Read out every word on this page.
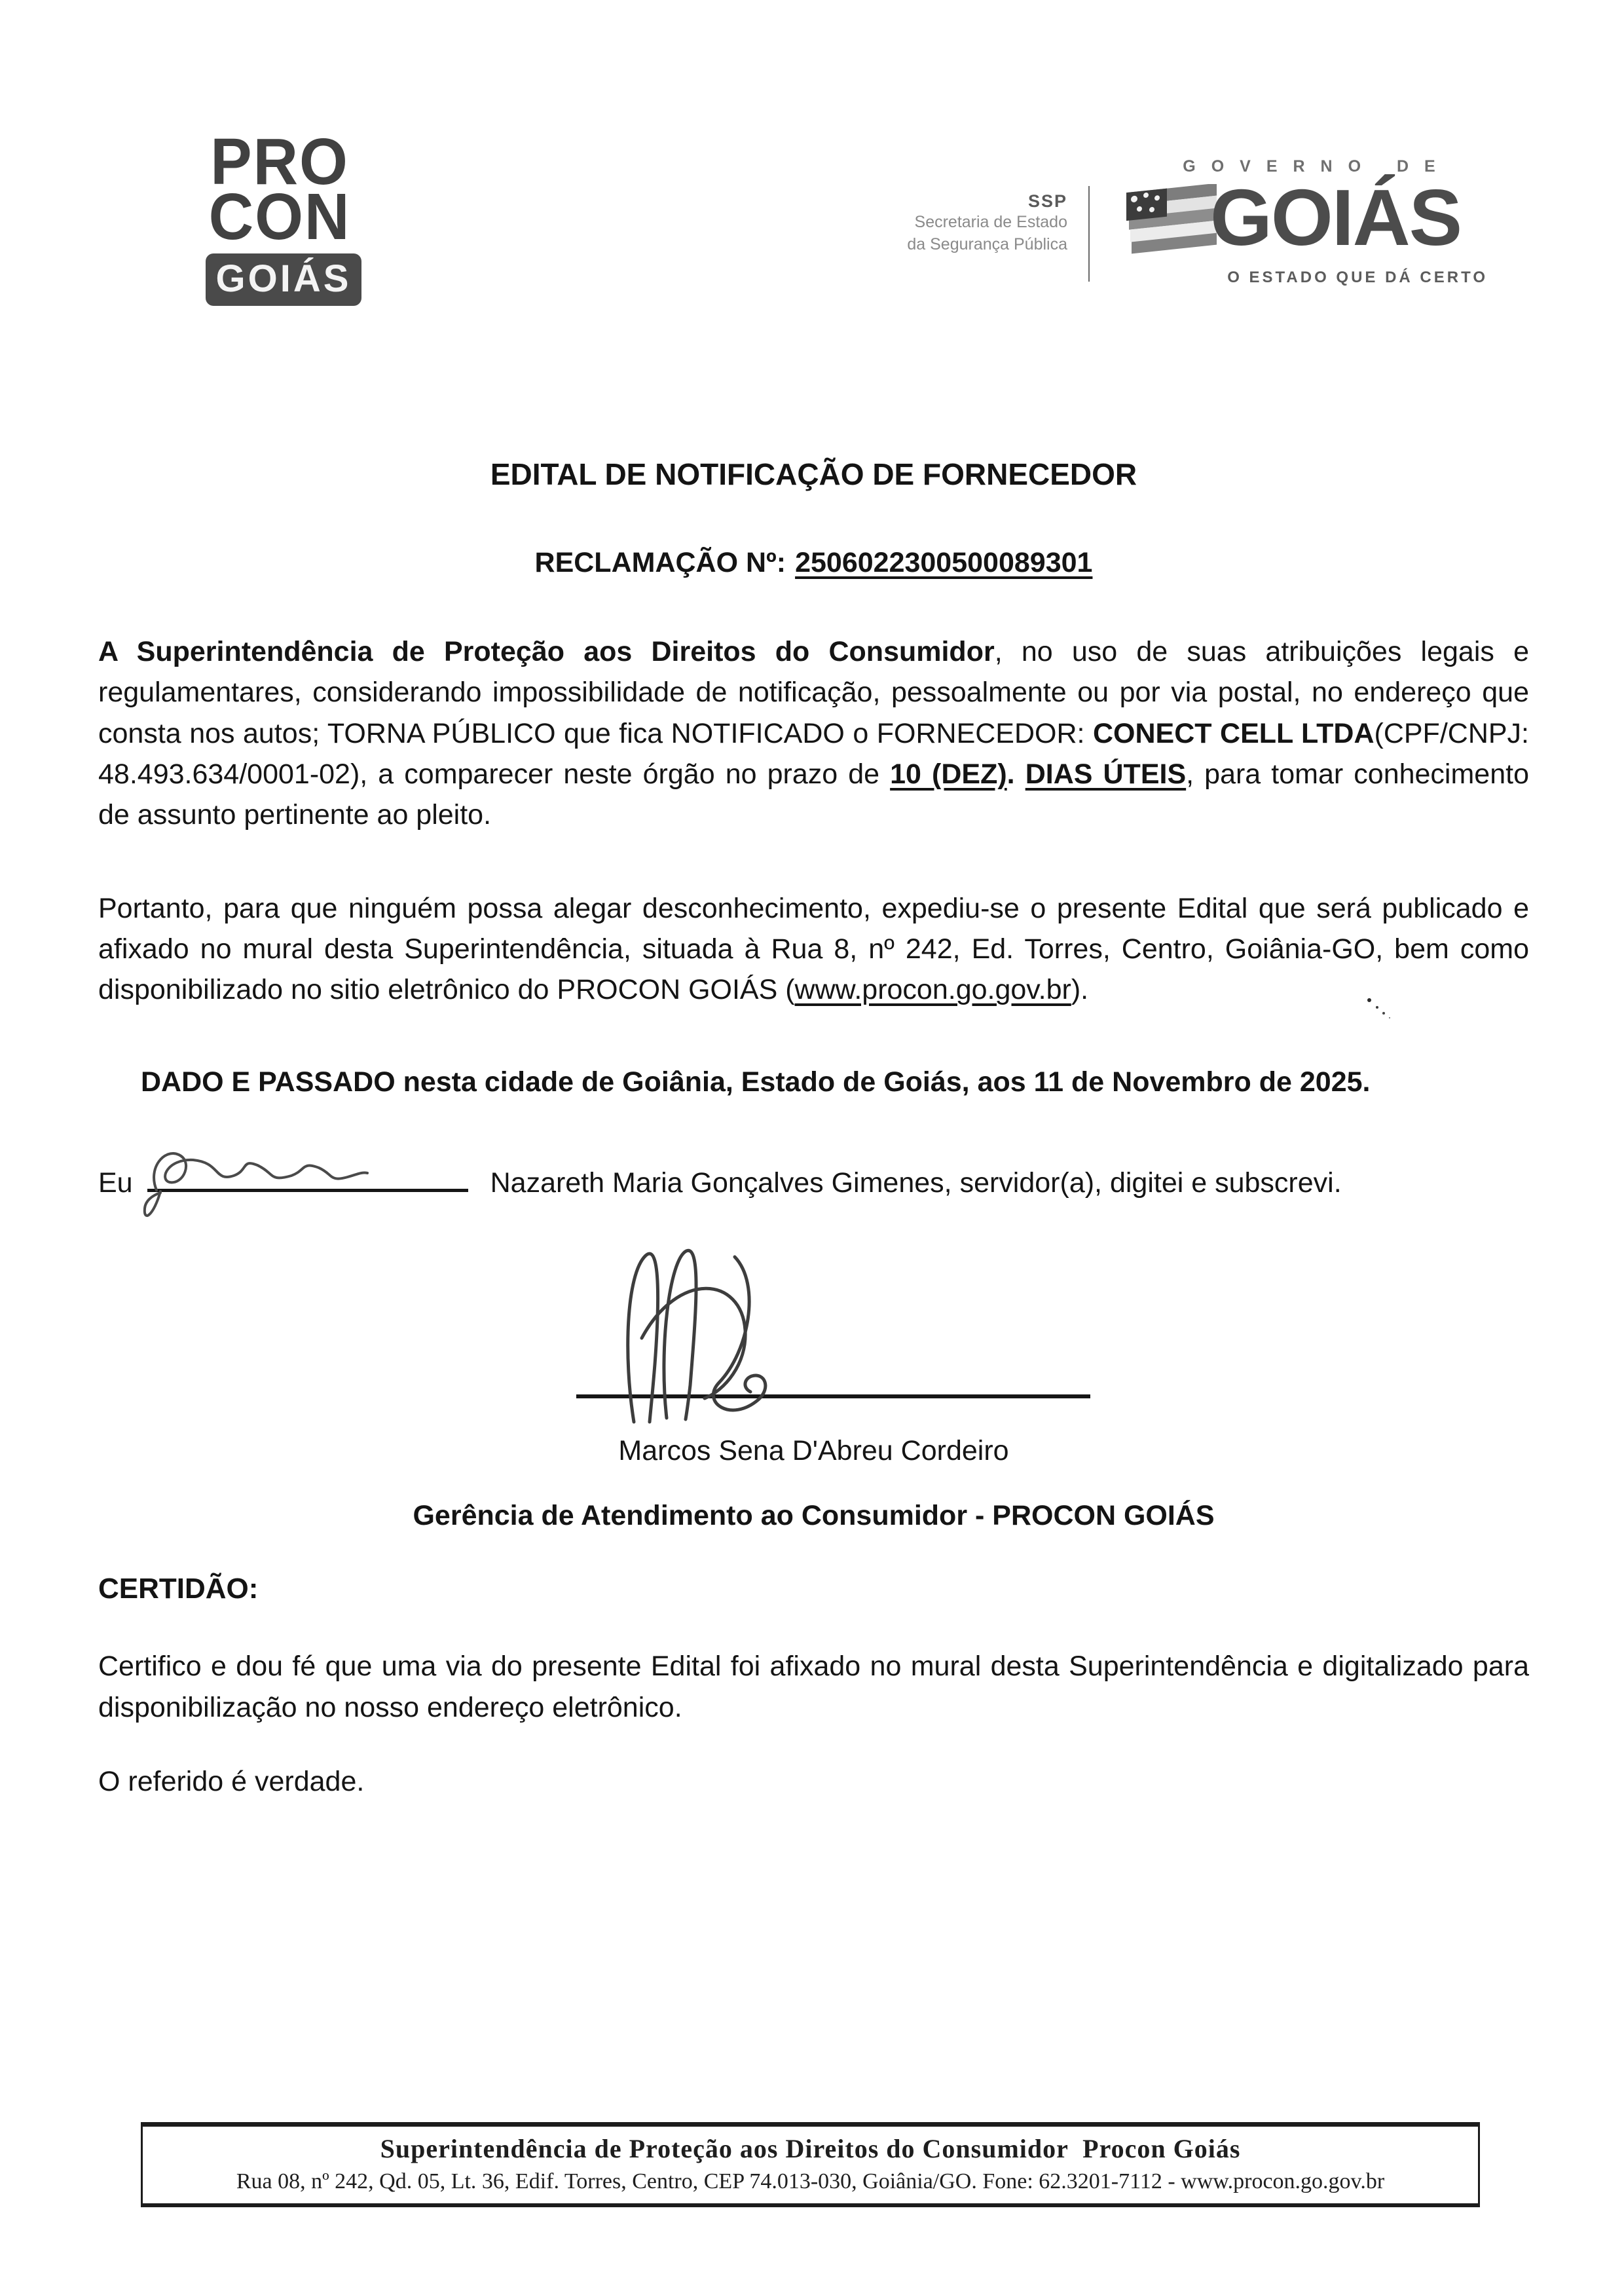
PRO
CON
GOIÁS
SSP
Secretaria de Estado
da Segurança Pública
GOVERNO DE
GOIÁS
O ESTADO QUE DÁ CERTO
EDITAL DE NOTIFICAÇÃO DE FORNECEDOR
RECLAMAÇÃO Nº: 2506022300500089301

A Superintendência de Proteção aos Direitos do Consumidor, no uso de suas atribuições legais e regulamentares, considerando impossibilidade de notificação, pessoalmente ou por via postal, no endereço que consta nos autos; TORNA PÚBLICO que fica NOTIFICADO o FORNECEDOR: CONECT CELL LTDA(CPF/CNPJ: 48.493.634/0001-02), a comparecer neste órgão no prazo de 10 (DEZ). DIAS ÚTEIS, para tomar conhecimento de assunto pertinente ao pleito.

Portanto, para que ninguém possa alegar desconhecimento, expediu-se o presente Edital que será publicado e afixado no mural desta Superintendência, situada à Rua 8, nº 242, Ed. Torres, Centro, Goiânia-GO, bem como disponibilizado no sitio eletrônico do PROCON GOIÁS (www.procon.go.gov.br).

DADO E PASSADO nesta cidade de Goiânia, Estado de Goiás, aos 11 de Novembro de 2025.

Eu	Nazareth Maria Gonçalves Gimenes, servidor(a), digitei e subscrevi.
Marcos Sena D'Abreu Cordeiro
Gerência de Atendimento ao Consumidor - PROCON GOIÁS
CERTIDÃO:

Certifico e dou fé que uma via do presente Edital foi afixado no mural desta Superintendência e digitalizado para disponibilização no nosso endereço eletrônico.

O referido é verdade.

Superintendência de Proteção aos Direitos do Consumidor  Procon Goiás
Rua 08, nº 242, Qd. 05, Lt. 36, Edif. Torres, Centro, CEP 74.013-030, Goiânia/GO. Fone: 62.3201-7112 - www.procon.go.gov.br
